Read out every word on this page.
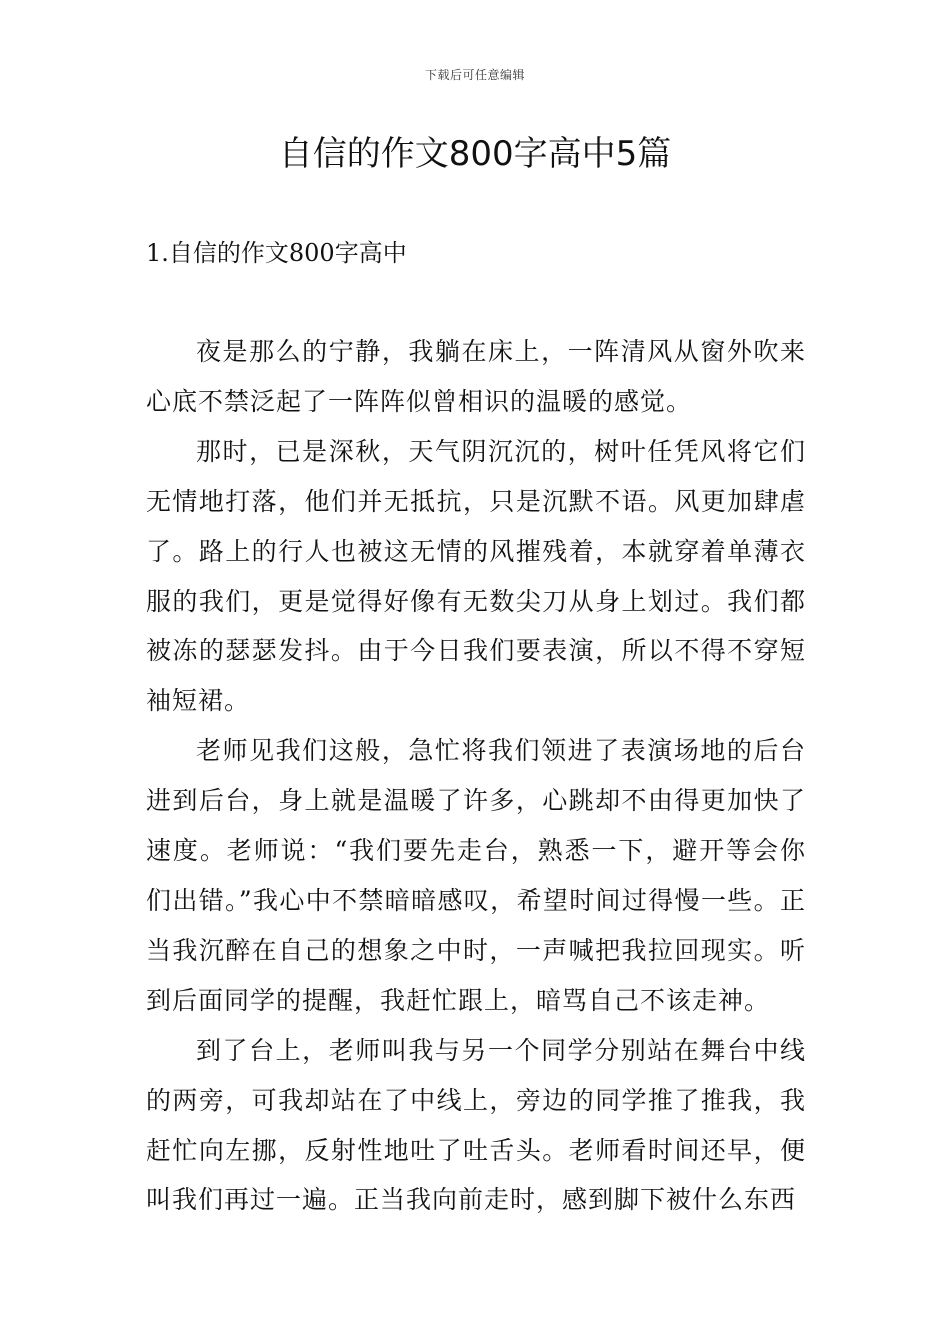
下载后可任意编辑
自信的作文800字高中5篇
1.自信的作文800字高中

夜是那么的宁静，我躺在床上，一阵清风从窗外吹来心底不禁泛起了一阵阵似曾相识的温暖的感觉。

那时，已是深秋，天气阴沉沉的，树叶任凭风将它们无情地打落，他们并无抵抗，只是沉默不语。风更加肆虐了。路上的行人也被这无情的风摧残着，本就穿着单薄衣服的我们，更是觉得好像有无数尖刀从身上划过。我们都被冻的瑟瑟发抖。由于今日我们要表演，所以不得不穿短袖短裙。

老师见我们这般，急忙将我们领进了表演场地的后台进到后台，身上就是温暖了许多，心跳却不由得更加快了速度。老师说：“我们要先走台，熟悉一下，避开等会你们出错。”我心中不禁暗暗感叹，希望时间过得慢一些。正当我沉醉在自己的想象之中时，一声喊把我拉回现实。听到后面同学的提醒，我赶忙跟上，暗骂自己不该走神。

到了台上，老师叫我与另一个同学分别站在舞台中线的两旁，可我却站在了中线上，旁边的同学推了推我，我赶忙向左挪，反射性地吐了吐舌头。老师看时间还早，便叫我们再过一遍。正当我向前走时，感到脚下被什么东西
